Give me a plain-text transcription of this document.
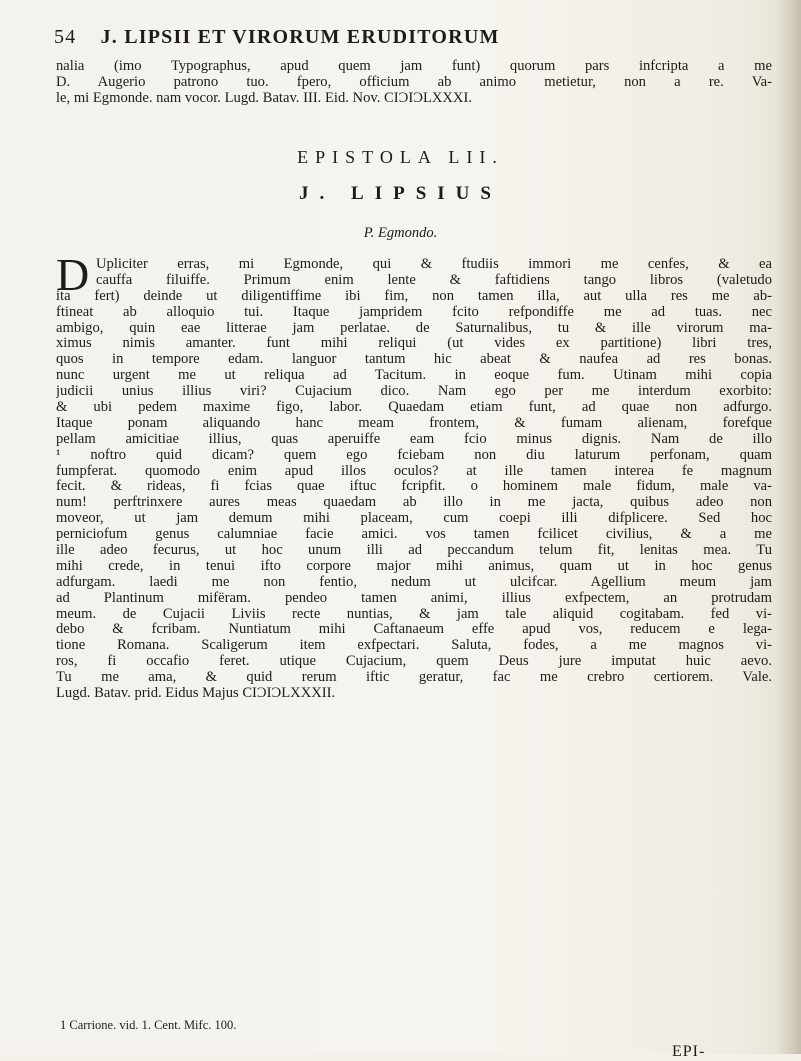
54 J. LIPSII ET VIRORUM ERUDITORUM
nalia (imo Typographus, apud quem jam funt) quorum pars infcripta a me
D. Augerio patrono tuo. fpero, officium ab animo metietur, non a re. Va-
le, mi Egmonde. nam vocor. Lugd. Batav. III. Eid. Nov. CIƆIƆLXXXI.
EPISTOLA LII.
J. LIPSIUS
P. Egmondo.
D Upliciter erras, mi Egmonde, qui & ftudiis immori me cenfes, & ea
cauffa filuiffe. Primum enim lente & faftidiens tango libros (valetudo
ita fert) deinde ut diligentiffime ibi fim, non tamen illa, aut ulla res me ab-
ftineat ab alloquio tui. Itaque jampridem fcito refpondiffe me ad tuas. nec
ambigo, quin eae litterae jam perlatae. de Saturnalibus, tu & ille virorum ma-
ximus nimis amanter. funt mihi reliqui (ut vides ex partitione) libri tres,
quos in tempore edam. languor tantum hic abeat & naufea ad res bonas.
nunc urgent me ut reliqua ad Tacitum. in eoque fum. Utinam mihi copia
judicii unius illius viri? Cujacium dico. Nam ego per me interdum exorbito:
& ubi pedem maxime figo, labor. Quaedam etiam funt, ad quae non adfurgo.
Itaque ponam aliquando hanc meam frontem, & fumam alienam, forefque
pellam amicitiae illius, quas aperuiffe eam fcio minus dignis. Nam de illo
¹ noftro quid dicam? quem ego fciebam non diu laturum perfonam, quam
fumpferat. quomodo enim apud illos oculos? at ille tamen interea fe magnum
fecit. & rideas, fi fcias quae iftuc fcripfit. o hominem male fidum, male va-
num! perftrinxere aures meas quaedam ab illo in me jacta, quibus adeo non
moveor, ut jam demum mihi placeam, cum coepi illi difplicere. Sed hoc
perniciofum genus calumniae facie amici. vos tamen fcilicet civilius, & a me
ille adeo fecurus, ut hoc unum illi ad peccandum telum fit, lenitas mea. Tu
mihi crede, in tenui ifto corpore major mihi animus, quam ut in hoc genus
adfurgam. laedi me non fentio, nedum ut ulcifcar. Agellium meum jam
ad Plantinum mifëram. pendeo tamen animi, illius exfpectem, an protrudam
meum. de Cujacii Liviis recte nuntias, & jam tale aliquid cogitabam. fed vi-
debo & fcribam. Nuntiatum mihi Caftanaeum effe apud vos, reducem e lega-
tione Romana. Scaligerum item exfpectari. Saluta, fodes, a me magnos vi-
ros, fi occafio feret. utique Cujacium, quem Deus jure imputat huic aevo.
Tu me ama, & quid rerum iftic geratur, fac me crebro certiorem. Vale.
Lugd. Batav. prid. Eidus Majus CIƆIƆLXXXII.
1 Carrione. vid. 1. Cent. Mifc. 100.
EPI-
